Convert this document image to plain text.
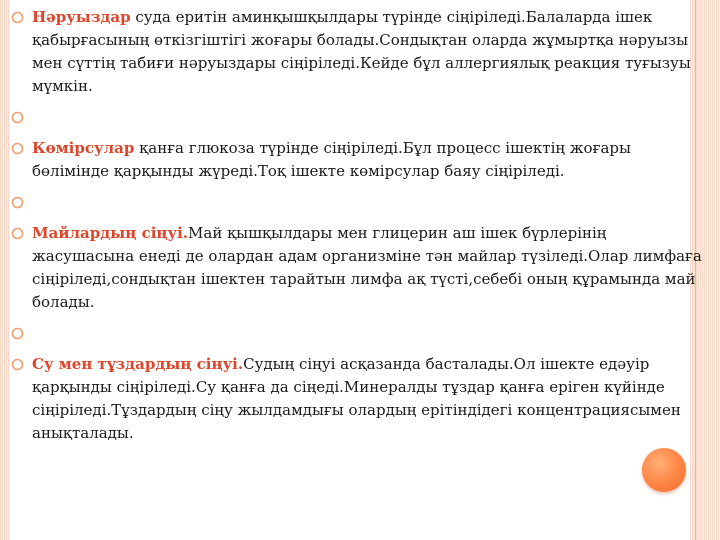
Нәруыздар суда еритін аминқышқылдары түрінде сіңіріледі.Балаларда ішек қабырғасының өткізгіштігі жоғары болады.Сондықтан оларда жұмыртқа нәруызы мен сүттің табиғи нәруыздары сіңіріледі.Кейде бұл аллергиялық реакция туғызуы мүмкін.
Көмірсулар қанға глюкоза түрінде сіңіріледі.Бұл процесс ішектің жоғары бөлімінде қарқынды жүреді.Тоқ ішекте көмірсулар баяу сіңіріледі.
Майлардың сіңуі.Май қышқылдары мен глицерин аш ішек бүрлерінің жасушасына енеді де олардан адам организміне тән майлар түзіледі.Олар лимфаға сіңіріледі,сондықтан ішектен тарайтын лимфа ақ түсті,себебі оның құрамында май болады.
Су мен тұздардың сіңуі.Судың сіңуі асқазанда басталады.Ол ішекте едәуір қарқынды сіңіріледі.Су қанға да сіңеді.Минералды тұздар қанға еріген күйінде сіңіріледі.Тұздардың сіңу жылдамдығы олардың ерітіндідегі концентрациясымен анықталады.
